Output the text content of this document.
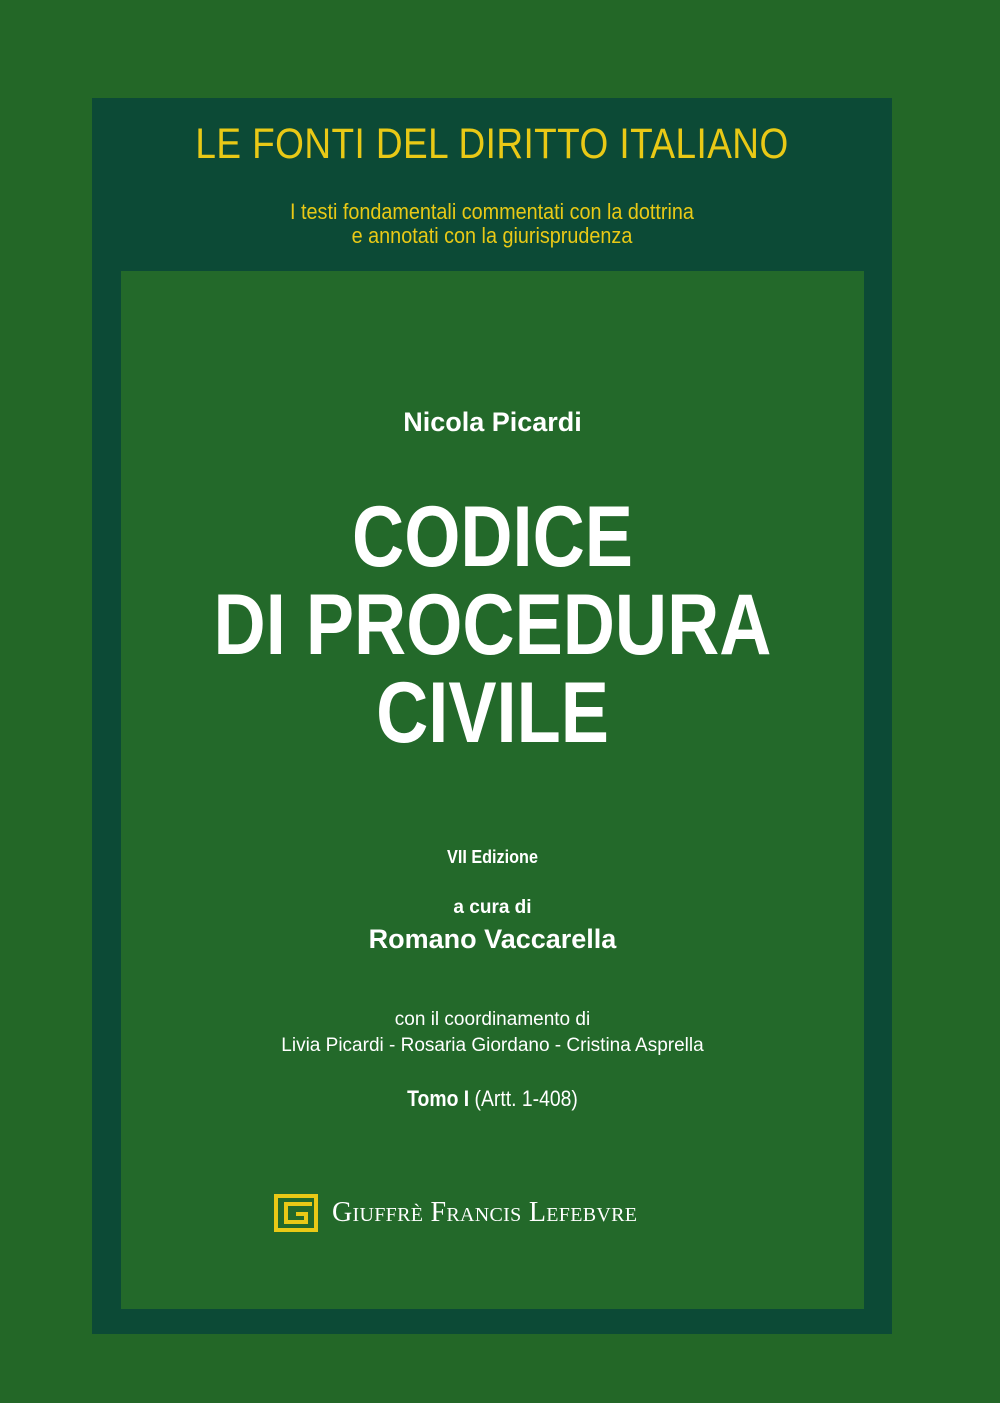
LE FONTI DEL DIRITTO ITALIANO
I testi fondamentali commentati con la dottrina
e annotati con la giurisprudenza
Nicola Picardi
CODICE
DI PROCEDURA
CIVILE
VII Edizione
a cura di
Romano Vaccarella
con il coordinamento di
Livia Picardi - Rosaria Giordano - Cristina Asprella
Tomo I (Artt. 1-408)
Giuffrè Francis Lefebvre
